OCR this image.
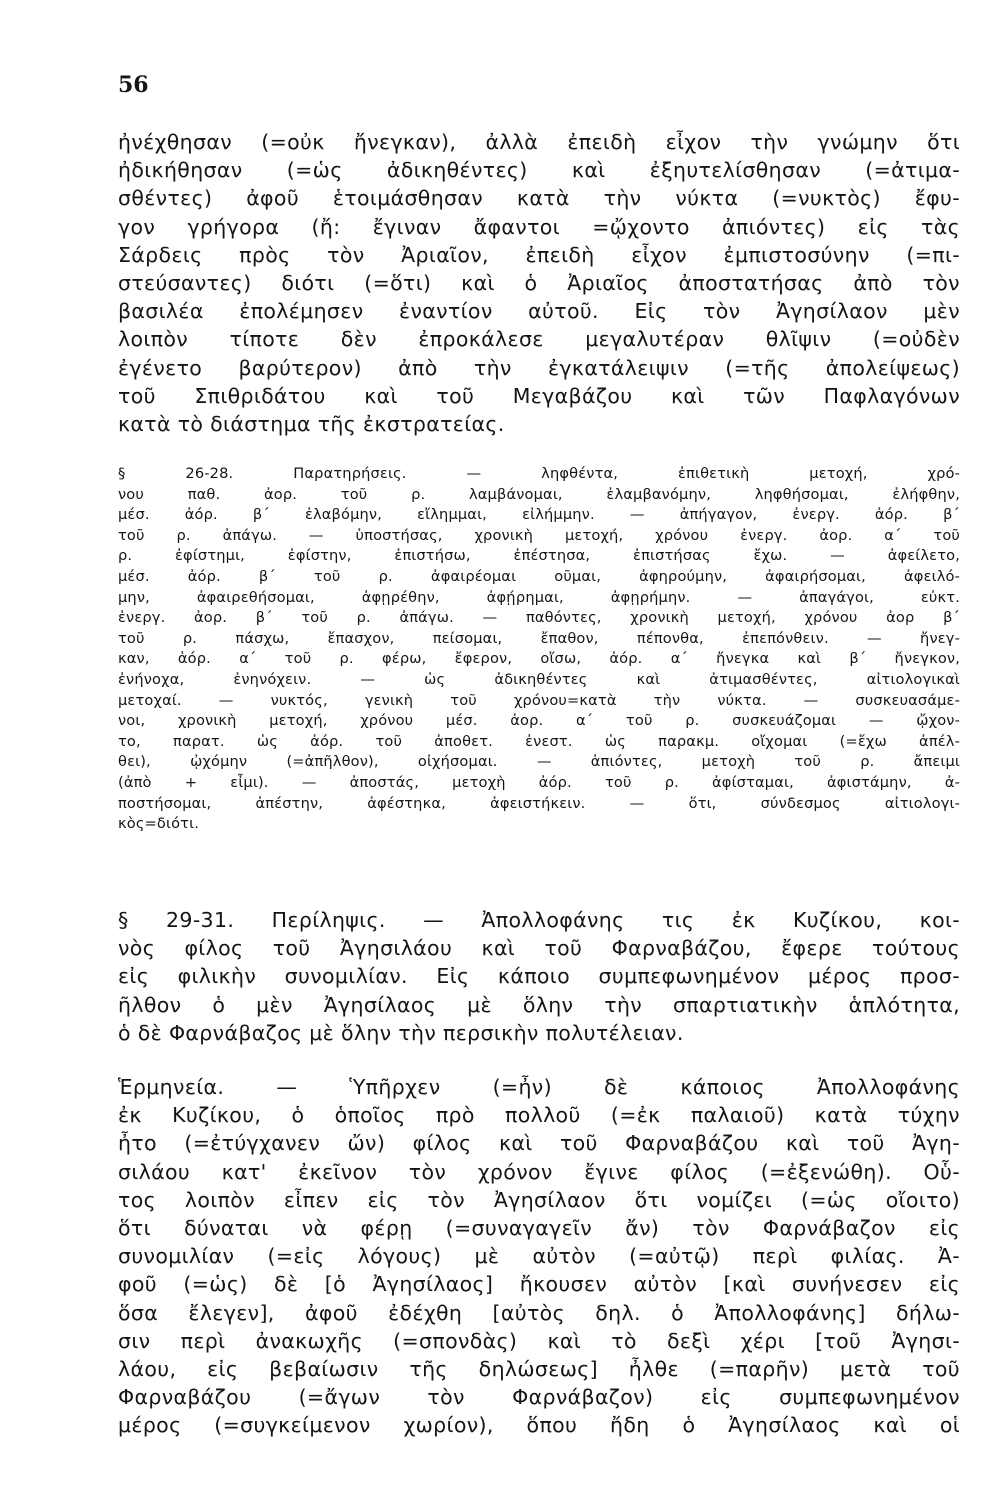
56
ἠνέχθησαν (=οὐκ ἤνεγκαν), ἀλλὰ ἐπειδὴ εἶχον τὴν γνώμην ὅτι
ἠδικήθησαν (=ὡς ἀδικηθέντες) καὶ ἐξηυτελίσθησαν (=ἀτιμα-
σθέντες) ἀφοῦ ἑτοιμάσθησαν κατὰ τὴν νύκτα (=νυκτὸς) ἔφυ-
γον γρήγορα (ἤ: ἔγιναν ἄφαντοι =ᾤχοντο ἀπιόντες) εἰς τὰς
Σάρδεις πρὸς τὸν Ἀριαῖον, ἐπειδὴ εἶχον ἐμπιστοσύνην (=πι-
στεύσαντες) διότι (=ὅτι) καὶ ὁ Ἀριαῖος ἀποστατήσας ἀπὸ τὸν
βασιλέα ἐπολέμησεν ἐναντίον αὐτοῦ. Εἰς τὸν Ἀγησίλαον μὲν
λοιπὸν τίποτε δὲν ἐπροκάλεσε μεγαλυτέραν θλῖψιν (=οὐδὲν
ἐγένετο βαρύτερον) ἀπὸ τὴν ἐγκατάλειψιν (=τῆς ἀπολείψεως)
τοῦ Σπιθριδάτου καὶ τοῦ Μεγαβάζου καὶ τῶν Παφλαγόνων
κατὰ τὸ διάστημα τῆς ἐκστρατείας.
§ 26-28. Παρατηρήσεις. — ληφθέντα, ἐπιθετικὴ μετοχή, χρό-
νου παθ. ἀορ. τοῦ ρ. λαμβάνομαι, ἐλαμβανόμην, ληφθήσομαι, ἐλήφθην,
μέσ. ἀόρ. β΄ ἐλαβόμην, εἴλημμαι, εἰλήμμην. — ἀπήγαγον, ἐνεργ. ἀόρ. β΄
τοῦ ρ. ἀπάγω. — ὑποστήσας, χρονικὴ μετοχή, χρόνου ἐνεργ. ἀορ. α΄ τοῦ
ρ. ἐφίστημι, ἐφίστην, ἐπιστήσω, ἐπέστησα, ἐπιστήσας ἔχω. — ἀφείλετο,
μέσ. ἀόρ. β΄ τοῦ ρ. ἀφαιρέομαι οῦμαι, ἀφηρούμην, ἀφαιρήσομαι, ἀφειλό-
μην, ἀφαιρεθήσομαι, ἀφῃρέθην, ἀφῄρημαι, ἀφῃρήμην. — ἀπαγάγοι, εὐκτ.
ἐνεργ. ἀορ. β΄ τοῦ ρ. ἀπάγω. — παθόντες, χρονικὴ μετοχή, χρόνου ἀορ β΄
τοῦ ρ. πάσχω, ἔπασχον, πείσομαι, ἔπαθον, πέπονθα, ἐπεπόνθειν. — ἤνεγ-
καν, ἀόρ. α΄ τοῦ ρ. φέρω, ἔφερον, οἴσω, ἀόρ. α΄ ἤνεγκα καὶ β΄ ἤνεγκον,
ἐνήνοχα, ἐνηνόχειν. — ὡς ἀδικηθέντες καὶ ἀτιμασθέντες, αἰτιολογικαὶ
μετοχαί. — νυκτός, γενικὴ τοῦ χρόνου=κατὰ τὴν νύκτα. — συσκευασάμε-
νοι, χρονικὴ μετοχή, χρόνου μέσ. ἀορ. α΄ τοῦ ρ. συσκευάζομαι — ᾤχον-
το, παρατ. ὡς ἀόρ. τοῦ ἀποθετ. ἐνεστ. ὡς παρακμ. οἴχομαι (=ἔχω ἀπέλ-
θει), ᾠχόμην (=ἀπῆλθον), οἰχήσομαι. — ἀπιόντες, μετοχὴ τοῦ ρ. ἄπειμι
(ἀπὸ + εἶμι). — ἀποστάς, μετοχὴ ἀόρ. τοῦ ρ. ἀφίσταμαι, ἀφιστάμην, ἀ-
ποστήσομαι, ἀπέστην, ἀφέστηκα, ἀφειστήκειν. — ὅτι, σύνδεσμος αἰτιολογι-
κὸς=διότι.
§ 29-31. Περίληψις. — Ἀπολλοφάνης τις ἐκ Κυζίκου, κοι-
νὸς φίλος τοῦ Ἀγησιλάου καὶ τοῦ Φαρναβάζου, ἔφερε τούτους
εἰς φιλικὴν συνομιλίαν. Εἰς κάποιο συμπεφωνημένον μέρος προσ-
ῆλθον ὁ μὲν Ἀγησίλαος μὲ ὅλην τὴν σπαρτιατικὴν ἁπλότητα,
ὁ δὲ Φαρνάβαζος μὲ ὅλην τὴν περσικὴν πολυτέλειαν.
Ἑρμηνεία. — Ὑπῆρχεν (=ἦν) δὲ κάποιος Ἀπολλοφάνης
ἐκ Κυζίκου, ὁ ὁποῖος πρὸ πολλοῦ (=ἐκ παλαιοῦ) κατὰ τύχην
ἦτο (=ἐτύγχανεν ὤν) φίλος καὶ τοῦ Φαρναβάζου καὶ τοῦ Ἀγη-
σιλάου κατ' ἐκεῖνον τὸν χρόνον ἔγινε φίλος (=ἐξενώθη). Οὗ-
τος λοιπὸν εἶπεν εἰς τὸν Ἀγησίλαον ὅτι νομίζει (=ὡς οἴοιτο)
ὅτι δύναται νὰ φέρῃ (=συναγαγεῖν ἄν) τὸν Φαρνάβαζον εἰς
συνομιλίαν (=εἰς λόγους) μὲ αὐτὸν (=αὐτῷ) περὶ φιλίας. Ἀ-
φοῦ (=ὡς) δὲ [ὁ Ἀγησίλαος] ἤκουσεν αὐτὸν [καὶ συνήνεσεν εἰς
ὅσα ἔλεγεν], ἀφοῦ ἐδέχθη [αὐτὸς δηλ. ὁ Ἀπολλοφάνης] δήλω-
σιν περὶ ἀνακωχῆς (=σπονδὰς) καὶ τὸ δεξὶ χέρι [τοῦ Ἀγησι-
λάου, εἰς βεβαίωσιν τῆς δηλώσεως] ἦλθε (=παρῆν) μετὰ τοῦ
Φαρναβάζου (=ἄγων τὸν Φαρνάβαζον) εἰς συμπεφωνημένον
μέρος (=συγκείμενον χωρίον), ὅπου ἤδη ὁ Ἀγησίλαος καὶ οἱ
